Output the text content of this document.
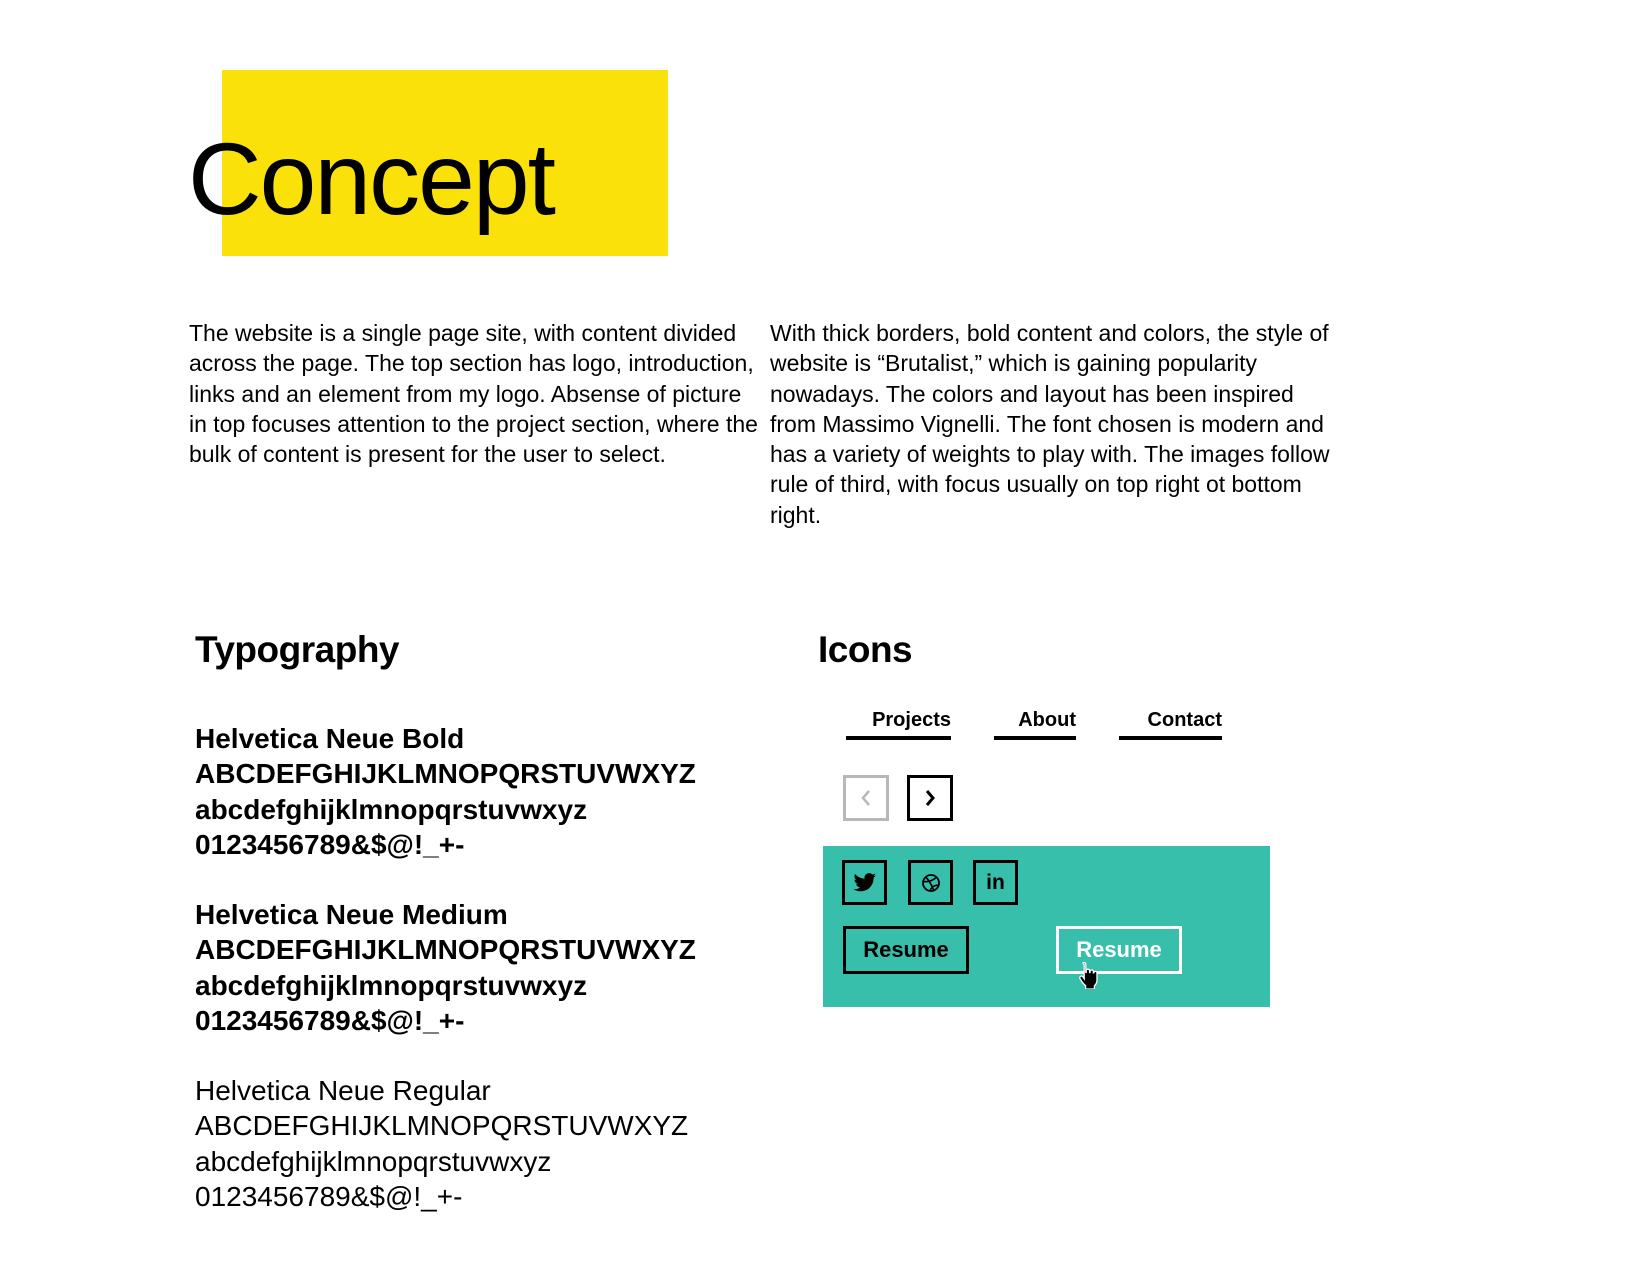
Concept
The website is a single page site, with content divided across the page. The top section has logo, introduction, links and an element from my logo. Absense of picture in top focuses attention to the project section, where the bulk of content is present for the user to select.
With thick borders, bold content and colors, the style of website is “Brutalist,” which is gaining popularity nowadays. The colors and layout has been inspired from Massimo Vignelli. The font chosen is modern and has a variety of weights to play with. The images follow rule of third, with focus usually on top right ot bottom right.
Typography
Helvetica Neue Bold
ABCDEFGHIJKLMNOPQRSTUVWXYZ
abcdefghijklmnopqrstuvwxyz
0123456789&$@!_+-
Helvetica Neue Medium
ABCDEFGHIJKLMNOPQRSTUVWXYZ
abcdefghijklmnopqrstuvwxyz
0123456789&$@!_+-
Helvetica Neue Regular
ABCDEFGHIJKLMNOPQRSTUVWXYZ
abcdefghijklmnopqrstuvwxyz
0123456789&$@!_+-
Icons
Projects	About	Contact
in
Resume	Resume
